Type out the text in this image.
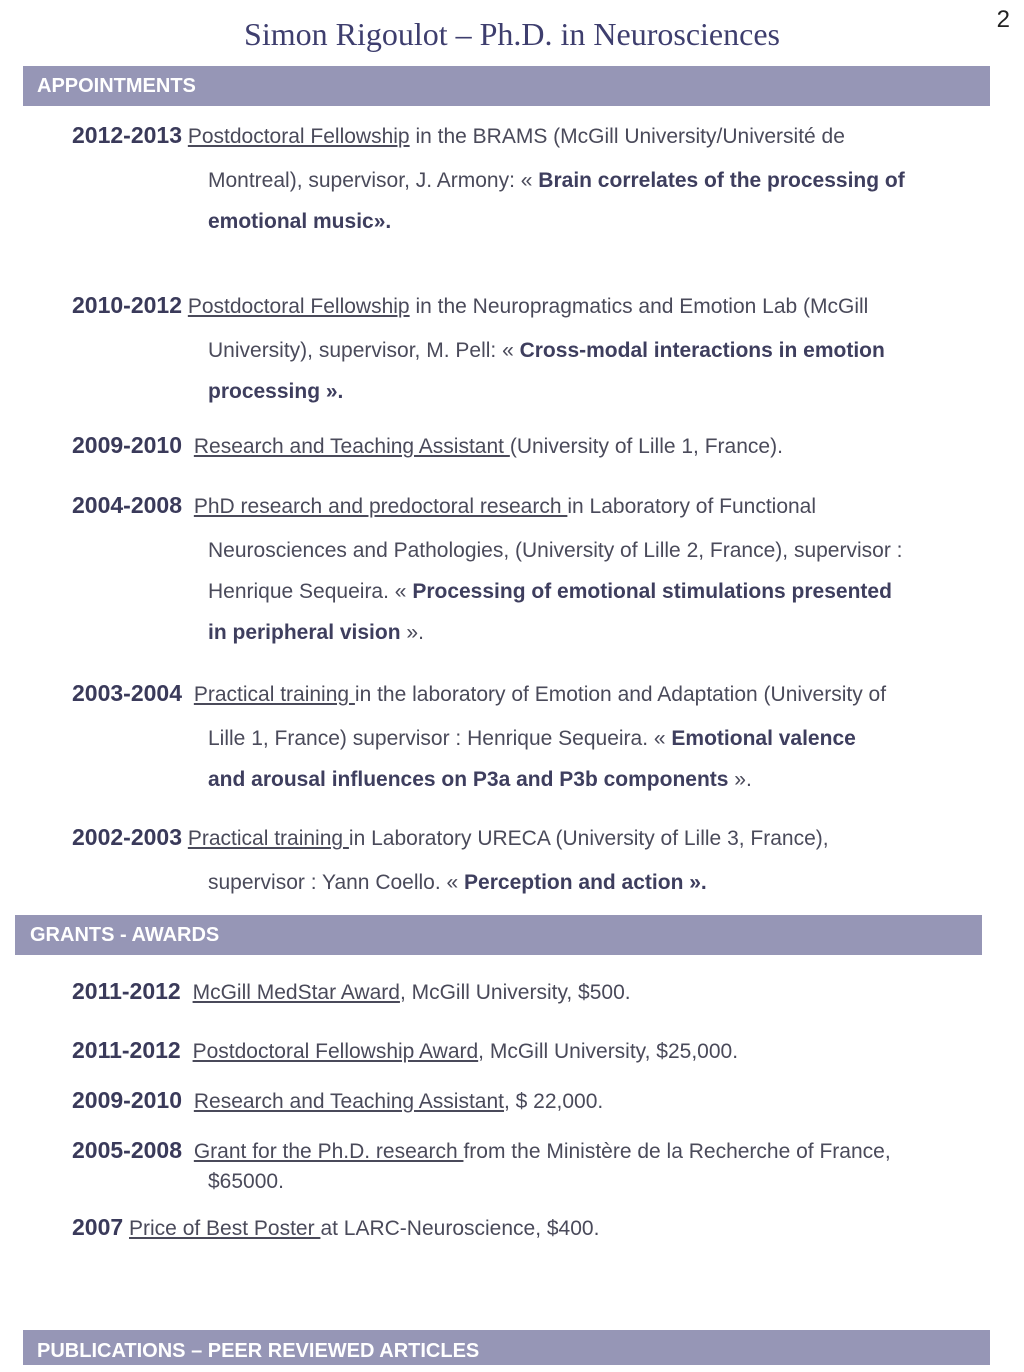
2
Simon Rigoulot – Ph.D. in Neurosciences
APPOINTMENTS
2012-2013 Postdoctoral Fellowship in the BRAMS (McGill University/Université de
Montreal), supervisor, J. Armony: « Brain correlates of the processing of
emotional music».
2010-2012 Postdoctoral Fellowship in the Neuropragmatics and Emotion Lab (McGill
University), supervisor, M. Pell: « Cross-modal interactions in emotion
processing ».
2009-2010 Research and Teaching Assistant (University of Lille 1, France).
2004-2008 PhD research and predoctoral research in Laboratory of Functional
Neurosciences and Pathologies, (University of Lille 2, France), supervisor :
Henrique Sequeira. « Processing of emotional stimulations presented
in peripheral vision ».
2003-2004 Practical training in the laboratory of Emotion and Adaptation (University of
Lille 1, France) supervisor : Henrique Sequeira. « Emotional valence
and arousal influences on P3a and P3b components ».
2002-2003 Practical training in Laboratory URECA (University of Lille 3, France),
supervisor : Yann Coello. « Perception and action ».
GRANTS - AWARDS
2011-2012 McGill MedStar Award, McGill University, $500.
2011-2012 Postdoctoral Fellowship Award, McGill University, $25,000.
2009-2010 Research and Teaching Assistant, $ 22,000.
2005-2008 Grant for the Ph.D. research from the Ministère de la Recherche of France,
$65000.
2007 Price of Best Poster at LARC-Neuroscience, $400.
PUBLICATIONS – PEER REVIEWED ARTICLES
